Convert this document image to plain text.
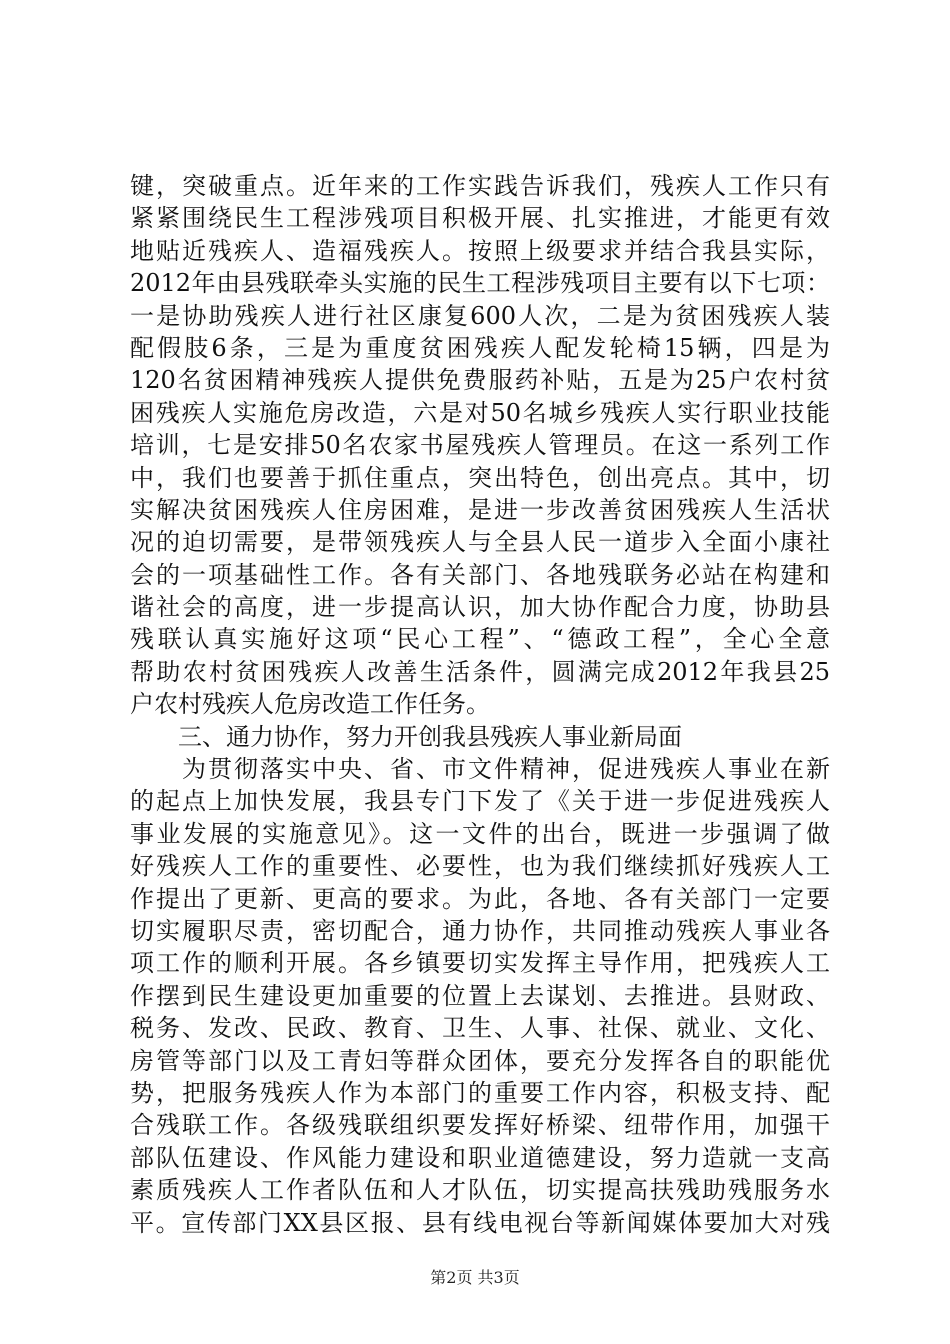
键，突破重点。近年来的工作实践告诉我们，残疾人工作只有
紧紧围绕民生工程涉残项目积极开展、扎实推进，才能更有效
地贴近残疾人、造福残疾人。按照上级要求并结合我县实际，
2012年由县残联牵头实施的民生工程涉残项目主要有以下七项：
一是协助残疾人进行社区康复600人次，二是为贫困残疾人装
配假肢6条，三是为重度贫困残疾人配发轮椅15辆，四是为
120名贫困精神残疾人提供免费服药补贴，五是为25户农村贫
困残疾人实施危房改造，六是对50名城乡残疾人实行职业技能
培训，七是安排50名农家书屋残疾人管理员。在这一系列工作
中，我们也要善于抓住重点，突出特色，创出亮点。其中，切
实解决贫困残疾人住房困难，是进一步改善贫困残疾人生活状
况的迫切需要，是带领残疾人与全县人民一道步入全面小康社
会的一项基础性工作。各有关部门、各地残联务必站在构建和
谐社会的高度，进一步提高认识，加大协作配合力度，协助县
残联认真实施好这项“民心工程”、“德政工程”，全心全意
帮助农村贫困残疾人改善生活条件，圆满完成2012年我县25
户农村残疾人危房改造工作任务。
　　三、通力协作，努力开创我县残疾人事业新局面
　　为贯彻落实中央、省、市文件精神，促进残疾人事业在新
的起点上加快发展，我县专门下发了《关于进一步促进残疾人
事业发展的实施意见》。这一文件的出台，既进一步强调了做
好残疾人工作的重要性、必要性，也为我们继续抓好残疾人工
作提出了更新、更高的要求。为此，各地、各有关部门一定要
切实履职尽责，密切配合，通力协作，共同推动残疾人事业各
项工作的顺利开展。各乡镇要切实发挥主导作用，把残疾人工
作摆到民生建设更加重要的位置上去谋划、去推进。县财政、
税务、发改、民政、教育、卫生、人事、社保、就业、文化、
房管等部门以及工青妇等群众团体，要充分发挥各自的职能优
势，把服务残疾人作为本部门的重要工作内容，积极支持、配
合残联工作。各级残联组织要发挥好桥梁、纽带作用，加强干
部队伍建设、作风能力建设和职业道德建设，努力造就一支高
素质残疾人工作者队伍和人才队伍，切实提高扶残助残服务水
平。宣传部门XX县区报、县有线电视台等新闻媒体要加大对残
第2页 共3页
